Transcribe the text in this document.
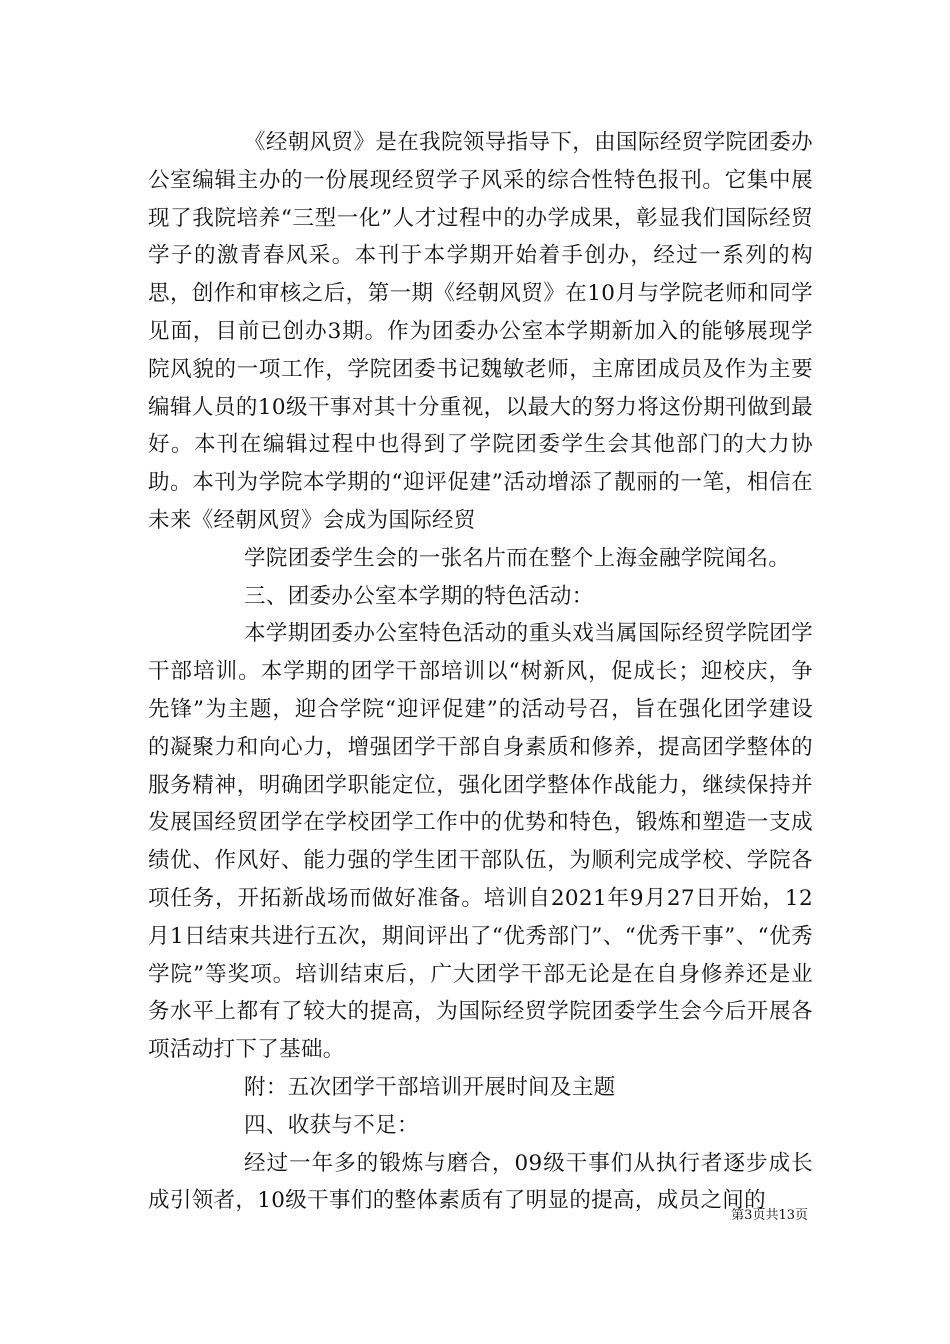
《经朝风贸》是在我院领导指导下，由国际经贸学院团委办公室编辑主办的一份展现经贸学子风采的综合性特色报刊。它集中展现了我院培养“三型一化”人才过程中的办学成果，彰显我们国际经贸学子的激青春风采。本刊于本学期开始着手创办，经过一系列的构思，创作和审核之后，第一期《经朝风贸》在10月与学院老师和同学见面，目前已创办3期。作为团委办公室本学期新加入的能够展现学院风貌的一项工作，学院团委书记魏敏老师，主席团成员及作为主要编辑人员的10级干事对其十分重视，以最大的努力将这份期刊做到最好。本刊在编辑过程中也得到了学院团委学生会其他部门的大力协助。本刊为学院本学期的“迎评促建”活动增添了靓丽的一笔，相信在未来《经朝风贸》会成为国际经贸

学院团委学生会的一张名片而在整个上海金融学院闻名。

三、团委办公室本学期的特色活动：

本学期团委办公室特色活动的重头戏当属国际经贸学院团学干部培训。本学期的团学干部培训以“树新风，促成长；迎校庆，争先锋”为主题，迎合学院“迎评促建”的活动号召，旨在强化团学建设的凝聚力和向心力，增强团学干部自身素质和修养，提高团学整体的服务精神，明确团学职能定位，强化团学整体作战能力，继续保持并发展国经贸团学在学校团学工作中的优势和特色，锻炼和塑造一支成绩优、作风好、能力强的学生团干部队伍，为顺利完成学校、学院各项任务，开拓新战场而做好准备。培训自2021年9月27日开始，12月1日结束共进行五次，期间评出了“优秀部门”、“优秀干事”、“优秀学院”等奖项。培训结束后，广大团学干部无论是在自身修养还是业务水平上都有了较大的提高，为国际经贸学院团委学生会今后开展各项活动打下了基础。

附：五次团学干部培训开展时间及主题

四、收获与不足：

经过一年多的锻炼与磨合，09级干事们从执行者逐步成长成引领者，10级干事们的整体素质有了明显的提高，成员之间的

第3页共13页
